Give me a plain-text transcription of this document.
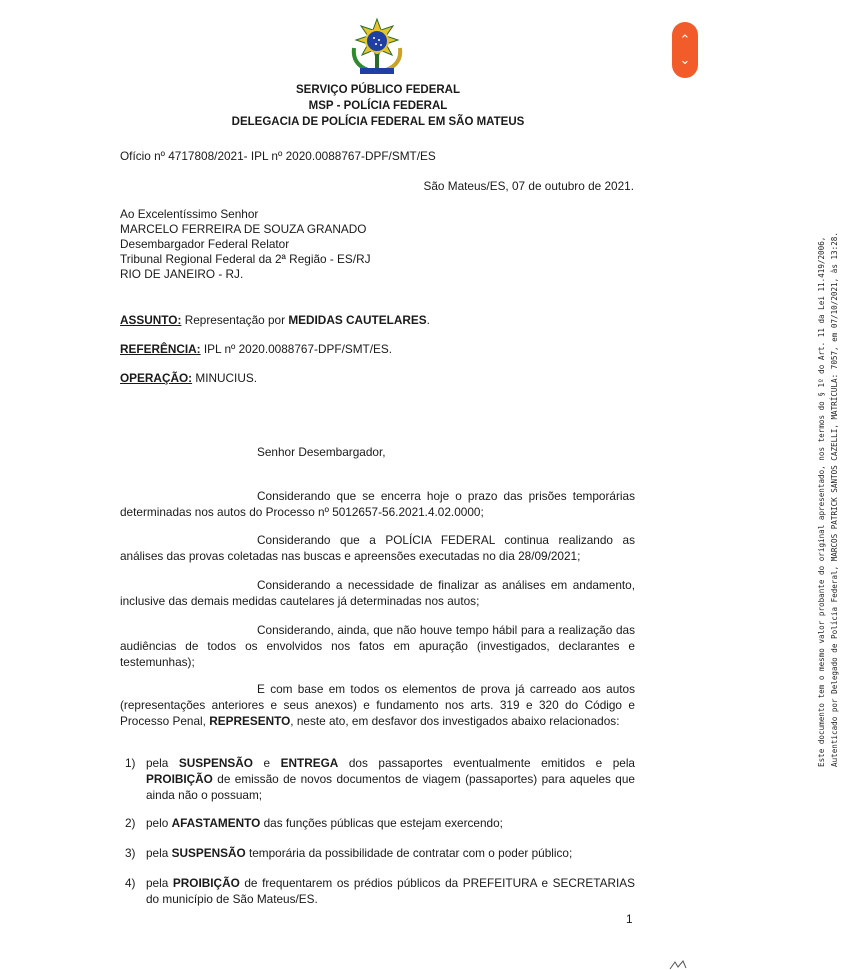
SERVIÇO PÚBLICO FEDERAL
MSP - POLÍCIA FEDERAL
DELEGACIA DE POLÍCIA FEDERAL EM SÃO MATEUS
Ofício nº 4717808/2021- IPL nº 2020.0088767-DPF/SMT/ES
São Mateus/ES, 07 de outubro de 2021.
Ao Excelentíssimo Senhor
MARCELO FERREIRA DE SOUZA GRANADO
Desembargador Federal Relator
Tribunal Regional Federal da 2ª Região - ES/RJ
RIO DE JANEIRO - RJ.
ASSUNTO: Representação por MEDIDAS CAUTELARES.
REFERÊNCIA: IPL nº 2020.0088767-DPF/SMT/ES.
OPERAÇÃO: MINUCIUS.
Senhor Desembargador,
Considerando que se encerra hoje o prazo das prisões temporárias determinadas nos autos do Processo nº 5012657-56.2021.4.02.0000;
Considerando que a POLÍCIA FEDERAL continua realizando as análises das provas coletadas nas buscas e apreensões executadas no dia 28/09/2021;
Considerando a necessidade de finalizar as análises em andamento, inclusive das demais medidas cautelares já determinadas nos autos;
Considerando, ainda, que não houve tempo hábil para a realização das audiências de todos os envolvidos nos fatos em apuração (investigados, declarantes e testemunhas);
E com base em todos os elementos de prova já carreado aos autos (representações anteriores e seus anexos) e fundamento nos arts. 319 e 320 do Código e Processo Penal, REPRESENTO, neste ato, em desfavor dos investigados abaixo relacionados:
1) pela SUSPENSÃO e ENTREGA dos passaportes eventualmente emitidos e pela PROIBIÇÃO de emissão de novos documentos de viagem (passaportes) para aqueles que ainda não o possuam;
2) pelo AFASTAMENTO das funções públicas que estejam exercendo;
3) pela SUSPENSÃO temporária da possibilidade de contratar com o poder público;
4) pela PROIBIÇÃO de frequentarem os prédios públicos da PREFEITURA e SECRETARIAS do município de São Mateus/ES.
1
Este documento tem o mesmo valor probante do original apresentado, nos termos do § 1º do Art. 11 da Lei 11.419/2006, Autenticado por Delegado de Polícia Federal, MARCOS PATRICK SANTOS CAZELLI, MATRÍCULA: 7057, em 07/10/2021, às 13:28.
⌃
⌄
